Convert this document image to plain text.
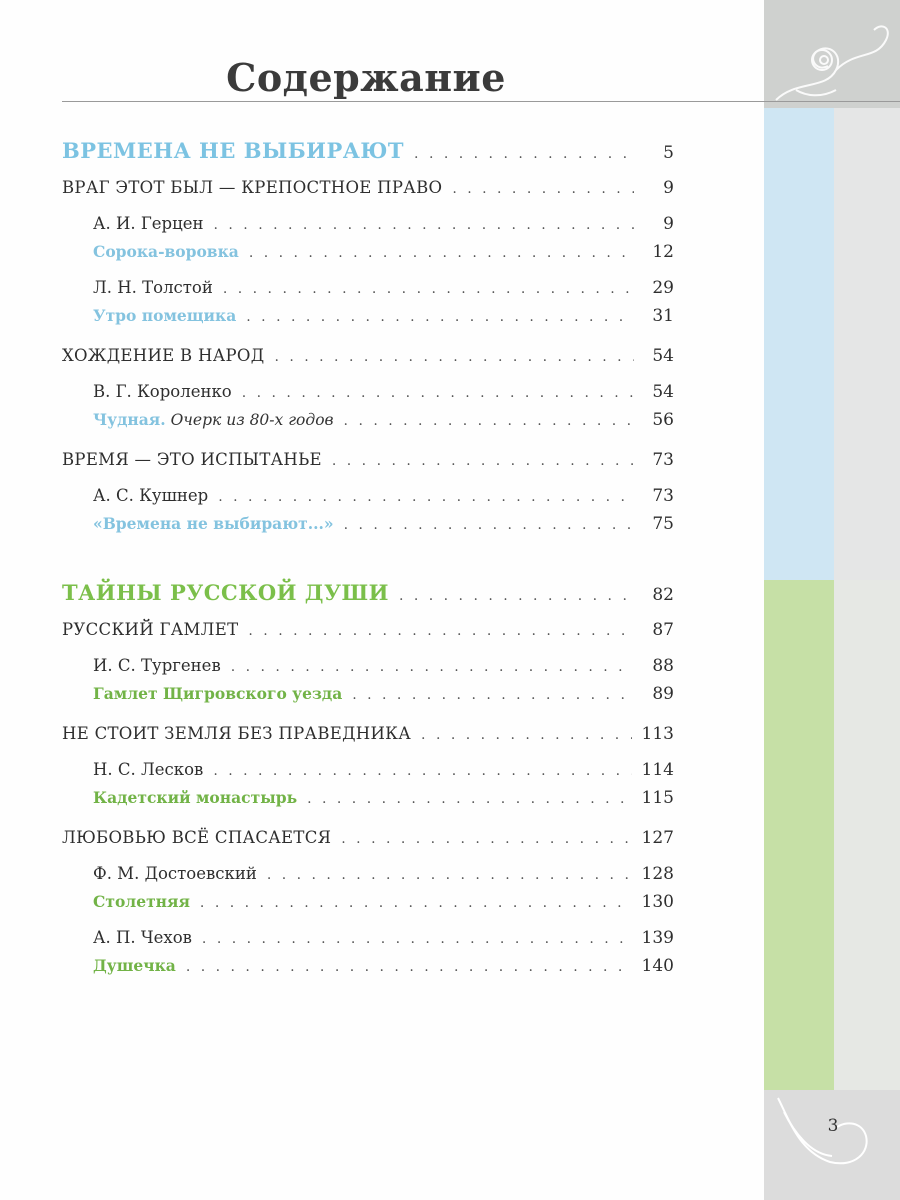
Содержание
ВРЕМЕНА НЕ ВЫБИРАЮТ . . .	5
ВРАГ ЭТОТ БЫЛ — КРЕПОСТНОЕ ПРАВО . . .	9
А. И. Герцен . . .	9
Сорока-воровка . . .	12
Л. Н. Толстой . . .	29
Утро помещика . . .	31
ХОЖДЕНИЕ В НАРОД . . .	54
В. Г. Короленко . . .	54
Чудная. Очерк из 80-х годов . . .	56
ВРЕМЯ — ЭТО ИСПЫТАНЬЕ . . .	73
А. С. Кушнер . . .	73
«Времена не выбирают...» . . .	75
ТАЙНЫ РУССКОЙ ДУШИ . . .	82
РУССКИЙ ГАМЛЕТ . . .	87
И. С. Тургенев . . .	88
Гамлет Щигровского уезда . . .	89
НЕ СТОИТ ЗЕМЛЯ БЕЗ ПРАВЕДНИКА . . .	113
Н. С. Лесков . . .	114
Кадетский монастырь . . .	115
ЛЮБОВЬЮ ВСЁ СПАСАЕТСЯ . . .	127
Ф. М. Достоевский . . .	128
Столетняя . . .	130
А. П. Чехов . . .	139
Душечка . . .	140
3
